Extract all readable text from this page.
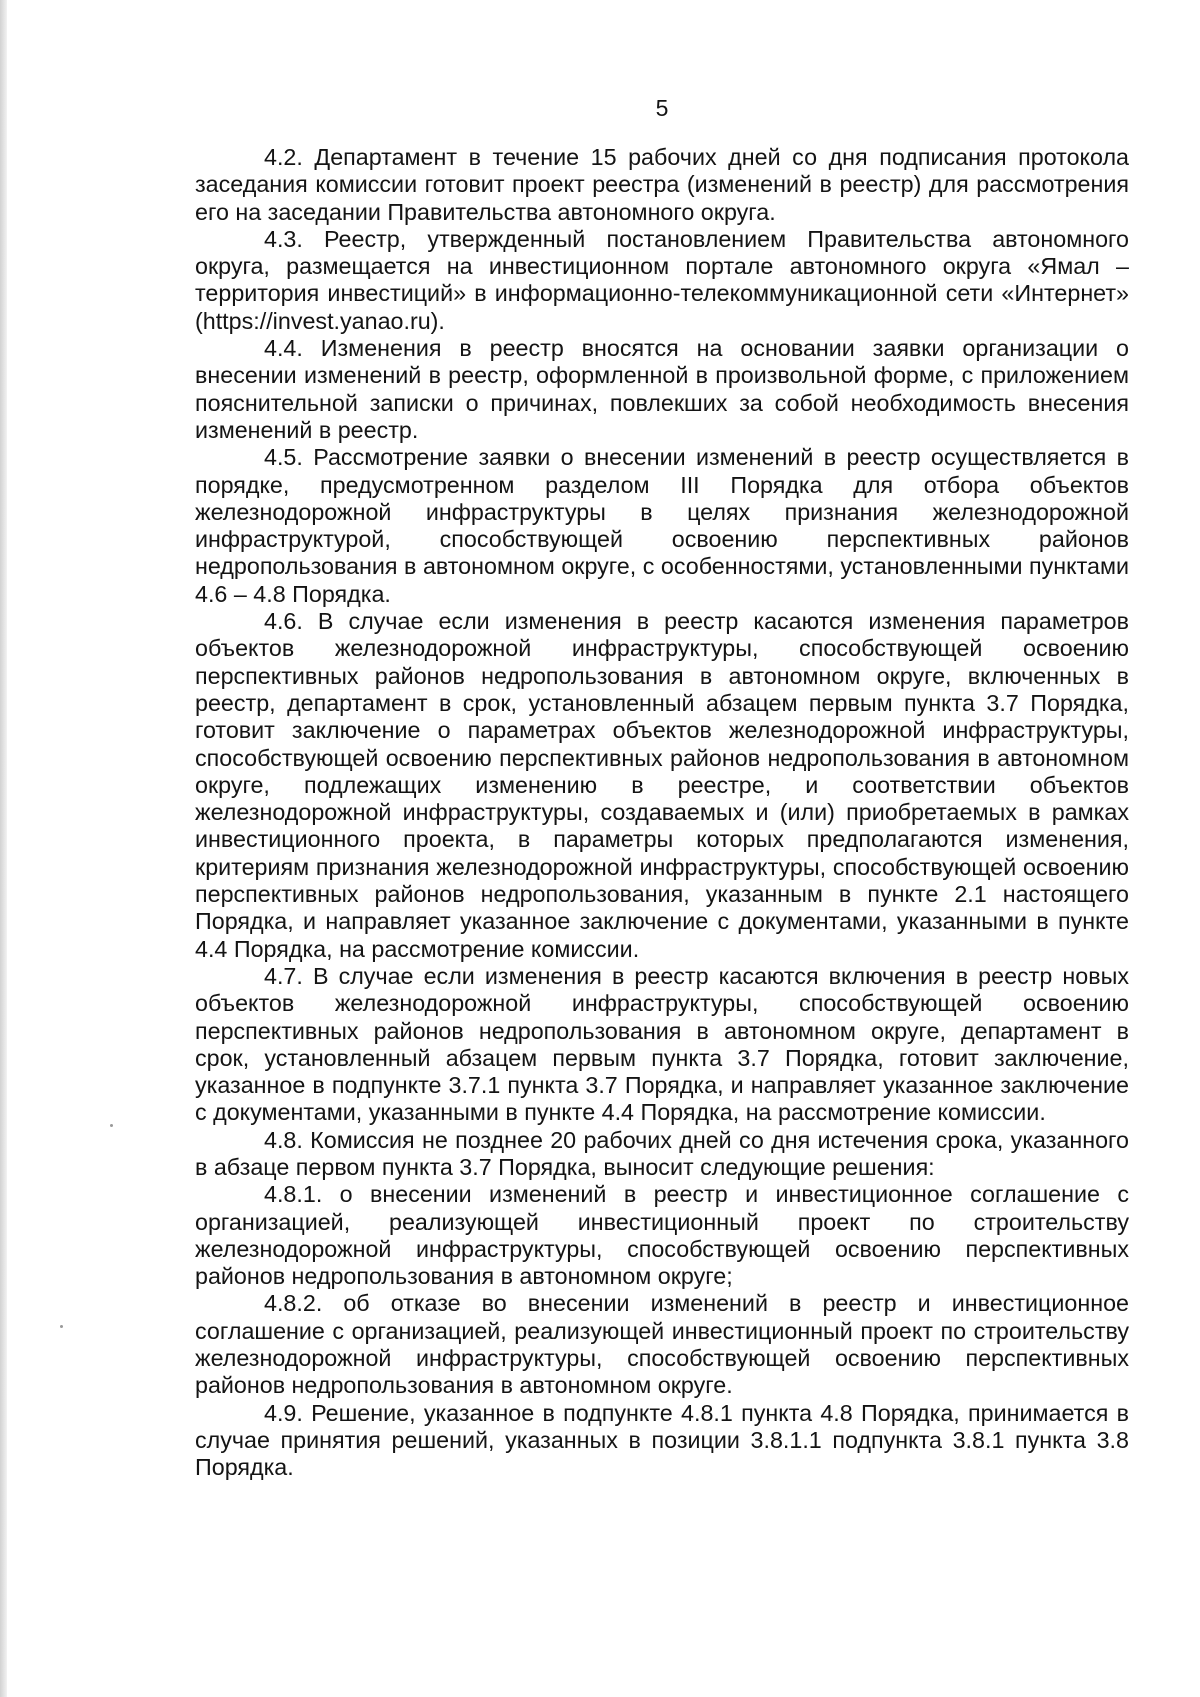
5

4.2. Департамент в течение 15 рабочих дней со дня подписания протокола заседания комиссии готовит проект реестра (изменений в реестр) для рассмотрения его на заседании Правительства автономного округа.

4.3. Реестр, утвержденный постановлением Правительства автономного округа, размещается на инвестиционном портале автономного округа «Ямал – территория инвестиций» в информационно-телекоммуникационной сети «Интернет» (https://invest.yanao.ru).

4.4. Изменения в реестр вносятся на основании заявки организации о внесении изменений в реестр, оформленной в произвольной форме, с приложением пояснительной записки о причинах, повлекших за собой необходимость внесения изменений в реестр.

4.5. Рассмотрение заявки о внесении изменений в реестр осуществляется в порядке, предусмотренном разделом III Порядка для отбора объектов железнодорожной инфраструктуры в целях признания железнодорожной инфраструктурой, способствующей освоению перспективных районов недропользования в автономном округе, с особенностями, установленными пунктами 4.6 – 4.8 Порядка.

4.6. В случае если изменения в реестр касаются изменения параметров объектов железнодорожной инфраструктуры, способствующей освоению перспективных районов недропользования в автономном округе, включенных в реестр, департамент в срок, установленный абзацем первым пункта 3.7 Порядка, готовит заключение о параметрах объектов железнодорожной инфраструктуры, способствующей освоению перспективных районов недропользования в автономном округе, подлежащих изменению в реестре, и соответствии объектов железнодорожной инфраструктуры, создаваемых и (или) приобретаемых в рамках инвестиционного проекта, в параметры которых предполагаются изменения, критериям признания железнодорожной инфраструктуры, способствующей освоению перспективных районов недропользования, указанным в пункте 2.1 настоящего Порядка, и направляет указанное заключение с документами, указанными в пункте 4.4 Порядка, на рассмотрение комиссии.

4.7. В случае если изменения в реестр касаются включения в реестр новых объектов железнодорожной инфраструктуры, способствующей освоению перспективных районов недропользования в автономном округе, департамент в срок, установленный абзацем первым пункта 3.7 Порядка, готовит заключение, указанное в подпункте 3.7.1 пункта 3.7 Порядка, и направляет указанное заключение с документами, указанными в пункте 4.4 Порядка, на рассмотрение комиссии.

4.8. Комиссия не позднее 20 рабочих дней со дня истечения срока, указанного в абзаце первом пункта 3.7 Порядка, выносит следующие решения:

4.8.1. о внесении изменений в реестр и инвестиционное соглашение с организацией, реализующей инвестиционный проект по строительству железнодорожной инфраструктуры, способствующей освоению перспективных районов недропользования в автономном округе;

4.8.2. об отказе во внесении изменений в реестр и инвестиционное соглашение с организацией, реализующей инвестиционный проект по строительству железнодорожной инфраструктуры, способствующей освоению перспективных районов недропользования в автономном округе.

4.9. Решение, указанное в подпункте 4.8.1 пункта 4.8 Порядка, принимается в случае принятия решений, указанных в позиции 3.8.1.1 подпункта 3.8.1 пункта 3.8 Порядка.
